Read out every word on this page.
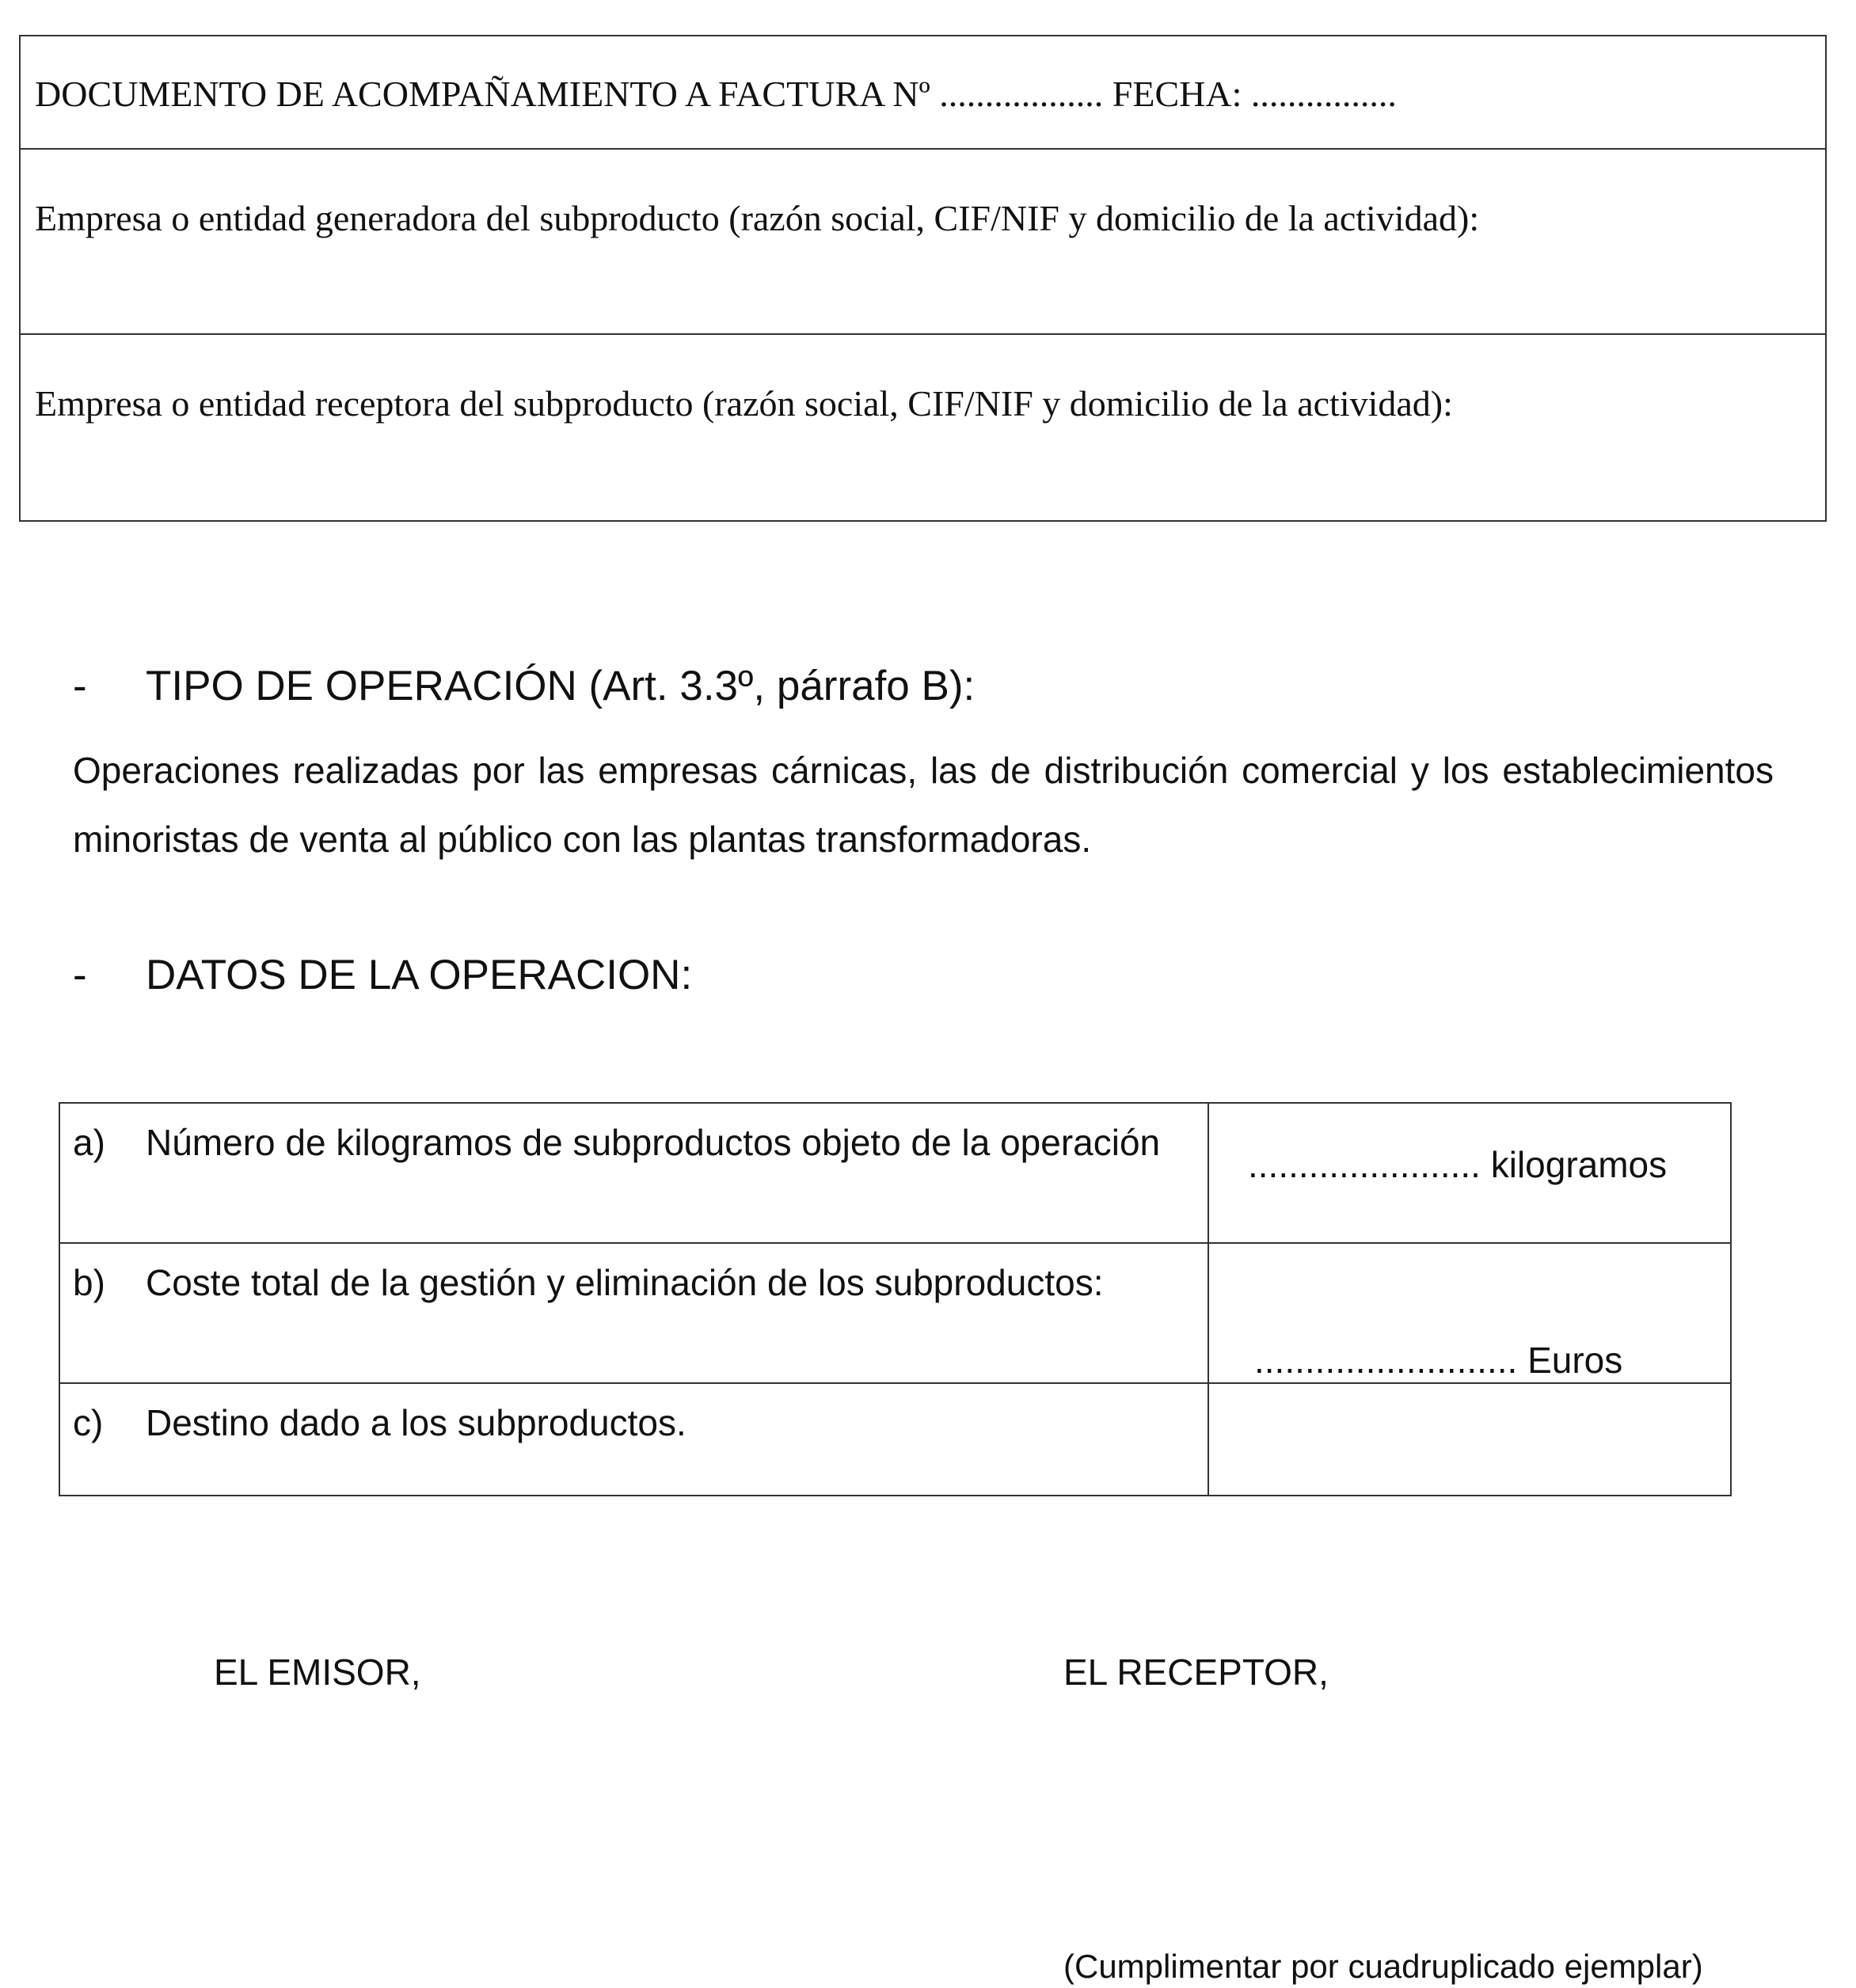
DOCUMENTO DE ACOMPAÑAMIENTO A FACTURA Nº .................. FECHA: ................
Empresa o entidad generadora del subproducto (razón social, CIF/NIF y domicilio de la actividad):
Empresa o entidad receptora del subproducto (razón social, CIF/NIF y domicilio de la actividad):
- TIPO DE OPERACIÓN (Art. 3.3º, párrafo B):
Operaciones realizadas por las empresas cárnicas, las de distribución comercial y los establecimientos minoristas de venta al público con las plantas transformadoras.
- DATOS DE LA OPERACION:
a) Número de kilogramos de subproductos objeto de la operación
....................... kilogramos
b) Coste total de la gestión y eliminación de los subproductos:
.......................... Euros
c) Destino dado a los subproductos.
EL EMISOR,	EL RECEPTOR,
(Cumplimentar por cuadruplicado ejemplar)
